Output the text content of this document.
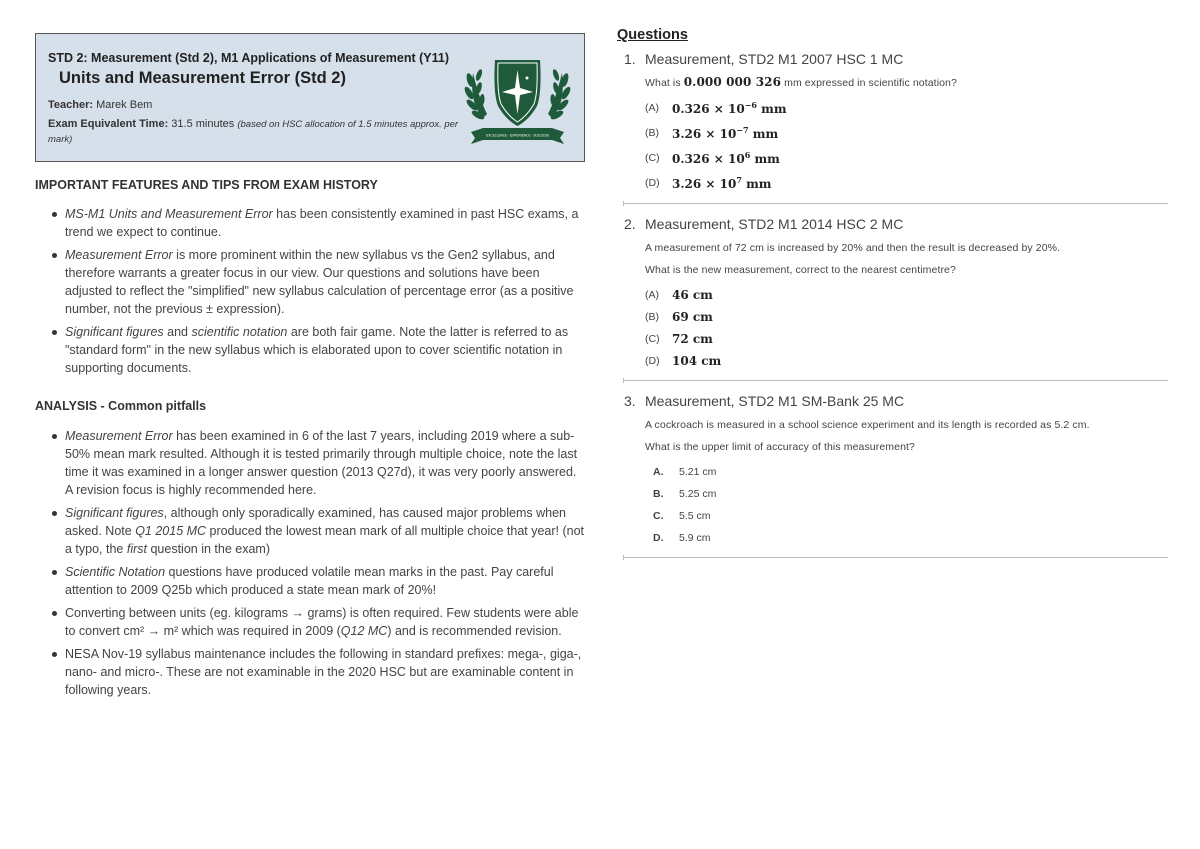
STD 2: Measurement (Std 2), M1 Applications of Measurement (Y11)
Units and Measurement Error (Std 2)
Teacher: Marek Bem
Exam Equivalent Time: 31.5 minutes (based on HSC allocation of 1.5 minutes approx. per mark)	EXCELLENCE · EXPERIENCE · SUCCESS
IMPORTANT FEATURES AND TIPS FROM EXAM HISTORY
MS-M1 Units and Measurement Error has been consistently examined in past HSC exams, a trend we expect to continue.
Measurement Error is more prominent within the new syllabus vs the Gen2 syllabus, and therefore warrants a greater focus in our view. Our questions and solutions have been adjusted to reflect the "simplified" new syllabus calculation of percentage error (as a positive number, not the previous ± expression).
Significant figures and scientific notation are both fair game. Note the latter is referred to as "standard form" in the new syllabus which is elaborated upon to cover scientific notation in supporting documents.
ANALYSIS - Common pitfalls
Measurement Error has been examined in 6 of the last 7 years, including 2019 where a sub-50% mean mark resulted. Although it is tested primarily through multiple choice, note the last time it was examined in a longer answer question (2013 Q27d), it was very poorly answered. A revision focus is highly recommended here.
Significant figures, although only sporadically examined, has caused major problems when asked. Note Q1 2015 MC produced the lowest mean mark of all multiple choice that year! (not a typo, the first question in the exam)
Scientific Notation questions have produced volatile mean marks in the past. Pay careful attention to 2009 Q25b which produced a state mean mark of 20%!
Converting between units (eg. kilograms → grams) is often required. Few students were able to convert cm² → m² which was required in 2009 (Q12 MC) and is recommended revision.
NESA Nov-19 syllabus maintenance includes the following in standard prefixes: mega-, giga-, nano- and micro-. These are not examinable in the 2020 HSC but are examinable content in following years.
Questions
1. Measurement, STD2 M1 2007 HSC 1 MC
What is 0.000 000 326 mm expressed in scientific notation?
(A)	$0.326 \times 10^{-6}$ mm
(B)	$3.26 \times 10^{-7}$ mm
(C)	$0.326 \times 10^6$ mm
(D)	$3.26 \times 10^7$ mm
2. Measurement, STD2 M1 2014 HSC 2 MC
A measurement of 72 cm is increased by 20% and then the result is decreased by 20%.
What is the new measurement, correct to the nearest centimetre?
(A)	46 cm
(B)	69 cm
(C)	72 cm
(D)	104 cm
3. Measurement, STD2 M1 SM-Bank 25 MC
A cockroach is measured in a school science experiment and its length is recorded as 5.2 cm.
What is the upper limit of accuracy of this measurement?
A.	5.21 cm
B.	5.25 cm
C.	5.5 cm
D.	5.9 cm
